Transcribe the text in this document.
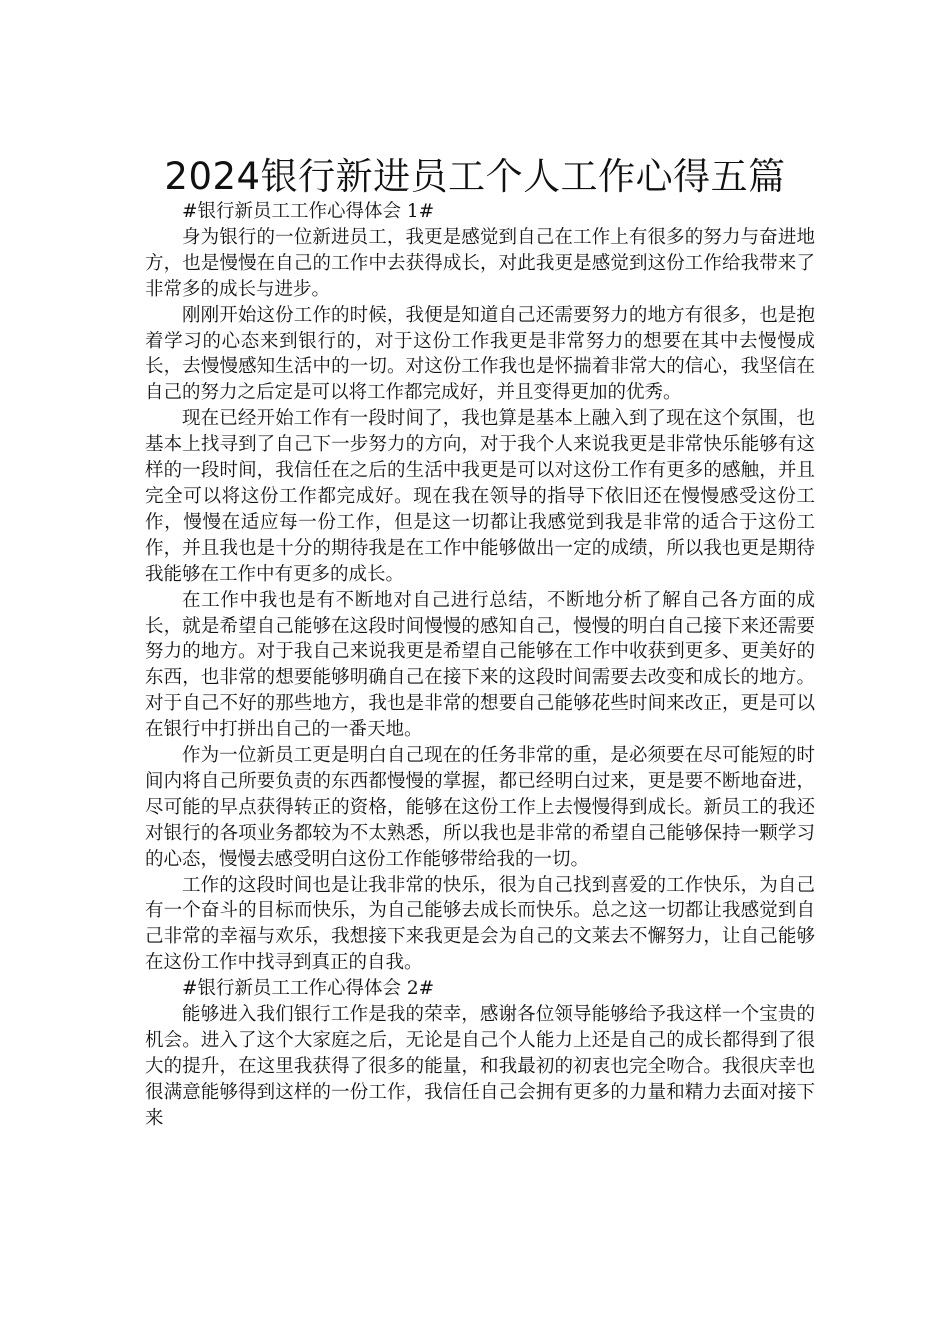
2024银行新进员工个人工作心得五篇

#银行新员工工作心得体会 1#

身为银行的一位新进员工，我更是感觉到自己在工作上有很多的努力与奋进地方，也是慢慢在自己的工作中去获得成长，对此我更是感觉到这份工作给我带来了非常多的成长与进步。

刚刚开始这份工作的时候，我便是知道自己还需要努力的地方有很多，也是抱着学习的心态来到银行的，对于这份工作我更是非常努力的想要在其中去慢慢成长，去慢慢感知生活中的一切。对这份工作我也是怀揣着非常大的信心，我坚信在自己的努力之后定是可以将工作都完成好，并且变得更加的优秀。

现在已经开始工作有一段时间了，我也算是基本上融入到了现在这个氛围，也基本上找寻到了自己下一步努力的方向，对于我个人来说我更是非常快乐能够有这样的一段时间，我信任在之后的生活中我更是可以对这份工作有更多的感触，并且完全可以将这份工作都完成好。现在我在领导的指导下依旧还在慢慢感受这份工作，慢慢在适应每一份工作，但是这一切都让我感觉到我是非常的适合于这份工作，并且我也是十分的期待我是在工作中能够做出一定的成绩，所以我也更是期待我能够在工作中有更多的成长。

在工作中我也是有不断地对自己进行总结，不断地分析了解自己各方面的成长，就是希望自己能够在这段时间慢慢的感知自己，慢慢的明白自己接下来还需要努力的地方。对于我自己来说我更是希望自己能够在工作中收获到更多、更美好的东西，也非常的想要能够明确自己在接下来的这段时间需要去改变和成长的地方。对于自己不好的那些地方，我也是非常的想要自己能够花些时间来改正，更是可以在银行中打拼出自己的一番天地。

作为一位新员工更是明白自己现在的任务非常的重，是必须要在尽可能短的时间内将自己所要负责的东西都慢慢的掌握，都已经明白过来，更是要不断地奋进，尽可能的早点获得转正的资格，能够在这份工作上去慢慢得到成长。新员工的我还对银行的各项业务都较为不太熟悉，所以我也是非常的希望自己能够保持一颗学习的心态，慢慢去感受明白这份工作能够带给我的一切。

工作的这段时间也是让我非常的快乐，很为自己找到喜爱的工作快乐，为自己有一个奋斗的目标而快乐，为自己能够去成长而快乐。总之这一切都让我感觉到自己非常的幸福与欢乐，我想接下来我更是会为自己的文莱去不懈努力，让自己能够在这份工作中找寻到真正的自我。

#银行新员工工作心得体会 2#

能够进入我们银行工作是我的荣幸，感谢各位领导能够给予我这样一个宝贵的机会。进入了这个大家庭之后，无论是自己个人能力上还是自己的成长都得到了很大的提升，在这里我获得了很多的能量，和我最初的初衷也完全吻合。我很庆幸也很满意能够得到这样的一份工作，我信任自己会拥有更多的力量和精力去面对接下来
